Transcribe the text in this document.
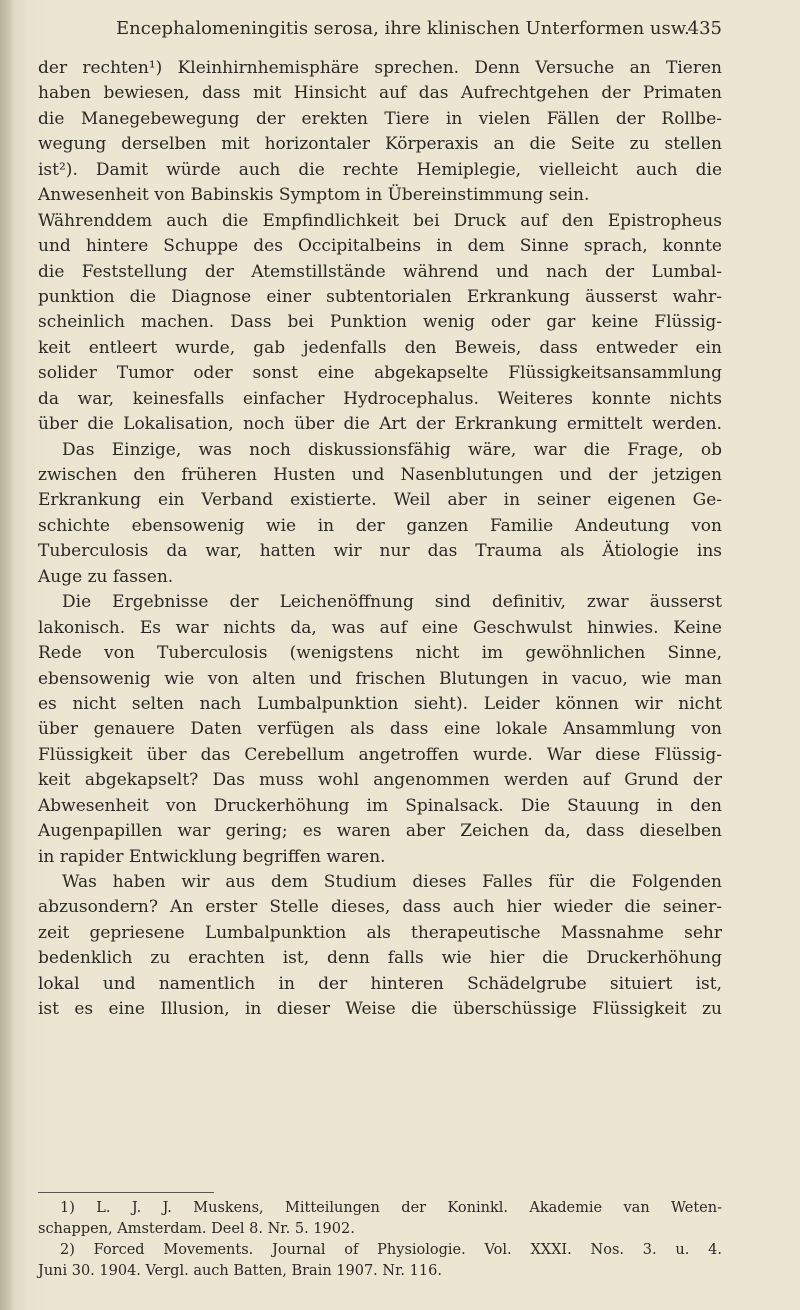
Encephalomeningitis serosa, ihre klinischen Unterformen usw.
435
der rechten¹) Kleinhirnhemisphäre sprechen. Denn Versuche an Tieren
haben bewiesen, dass mit Hinsicht auf das Aufrechtgehen der Primaten
die Manegebewegung der erekten Tiere in vielen Fällen der Rollbe-
wegung derselben mit horizontaler Körperaxis an die Seite zu stellen
ist²). Damit würde auch die rechte Hemiplegie, vielleicht auch die
Anwesenheit von Babinskis Symptom in Übereinstimmung sein.
Währenddem auch die Empfindlichkeit bei Druck auf den Epistropheus
und hintere Schuppe des Occipitalbeins in dem Sinne sprach, konnte
die Feststellung der Atemstillstände während und nach der Lumbal-
punktion die Diagnose einer subtentorialen Erkrankung äusserst wahr-
scheinlich machen. Dass bei Punktion wenig oder gar keine Flüssig-
keit entleert wurde, gab jedenfalls den Beweis, dass entweder ein
solider Tumor oder sonst eine abgekapselte Flüssigkeitsansammlung
da war, keinesfalls einfacher Hydrocephalus. Weiteres konnte nichts
über die Lokalisation, noch über die Art der Erkrankung ermittelt werden.
Das Einzige, was noch diskussionsfähig wäre, war die Frage, ob
zwischen den früheren Husten und Nasenblutungen und der jetzigen
Erkrankung ein Verband existierte. Weil aber in seiner eigenen Ge-
schichte ebensowenig wie in der ganzen Familie Andeutung von
Tuberculosis da war, hatten wir nur das Trauma als Ätiologie ins
Auge zu fassen.
Die Ergebnisse der Leichenöffnung sind definitiv, zwar äusserst
lakonisch. Es war nichts da, was auf eine Geschwulst hinwies. Keine
Rede von Tuberculosis (wenigstens nicht im gewöhnlichen Sinne,
ebensowenig wie von alten und frischen Blutungen in vacuo, wie man
es nicht selten nach Lumbalpunktion sieht). Leider können wir nicht
über genauere Daten verfügen als dass eine lokale Ansammlung von
Flüssigkeit über das Cerebellum angetroffen wurde. War diese Flüssig-
keit abgekapselt? Das muss wohl angenommen werden auf Grund der
Abwesenheit von Druckerhöhung im Spinalsack. Die Stauung in den
Augenpapillen war gering; es waren aber Zeichen da, dass dieselben
in rapider Entwicklung begriffen waren.
Was haben wir aus dem Studium dieses Falles für die Folgenden
abzusondern? An erster Stelle dieses, dass auch hier wieder die seiner-
zeit gepriesene Lumbalpunktion als therapeutische Massnahme sehr
bedenklich zu erachten ist, denn falls wie hier die Druckerhöhung
lokal und namentlich in der hinteren Schädelgrube situiert ist,
ist es eine Illusion, in dieser Weise die überschüssige Flüssigkeit zu
1) L. J. J. Muskens, Mitteilungen der Koninkl. Akademie van Weten-
schappen, Amsterdam. Deel 8. Nr. 5. 1902.
2) Forced Movements. Journal of Physiologie. Vol. XXXI. Nos. 3. u. 4.
Juni 30. 1904. Vergl. auch Batten, Brain 1907. Nr. 116.
